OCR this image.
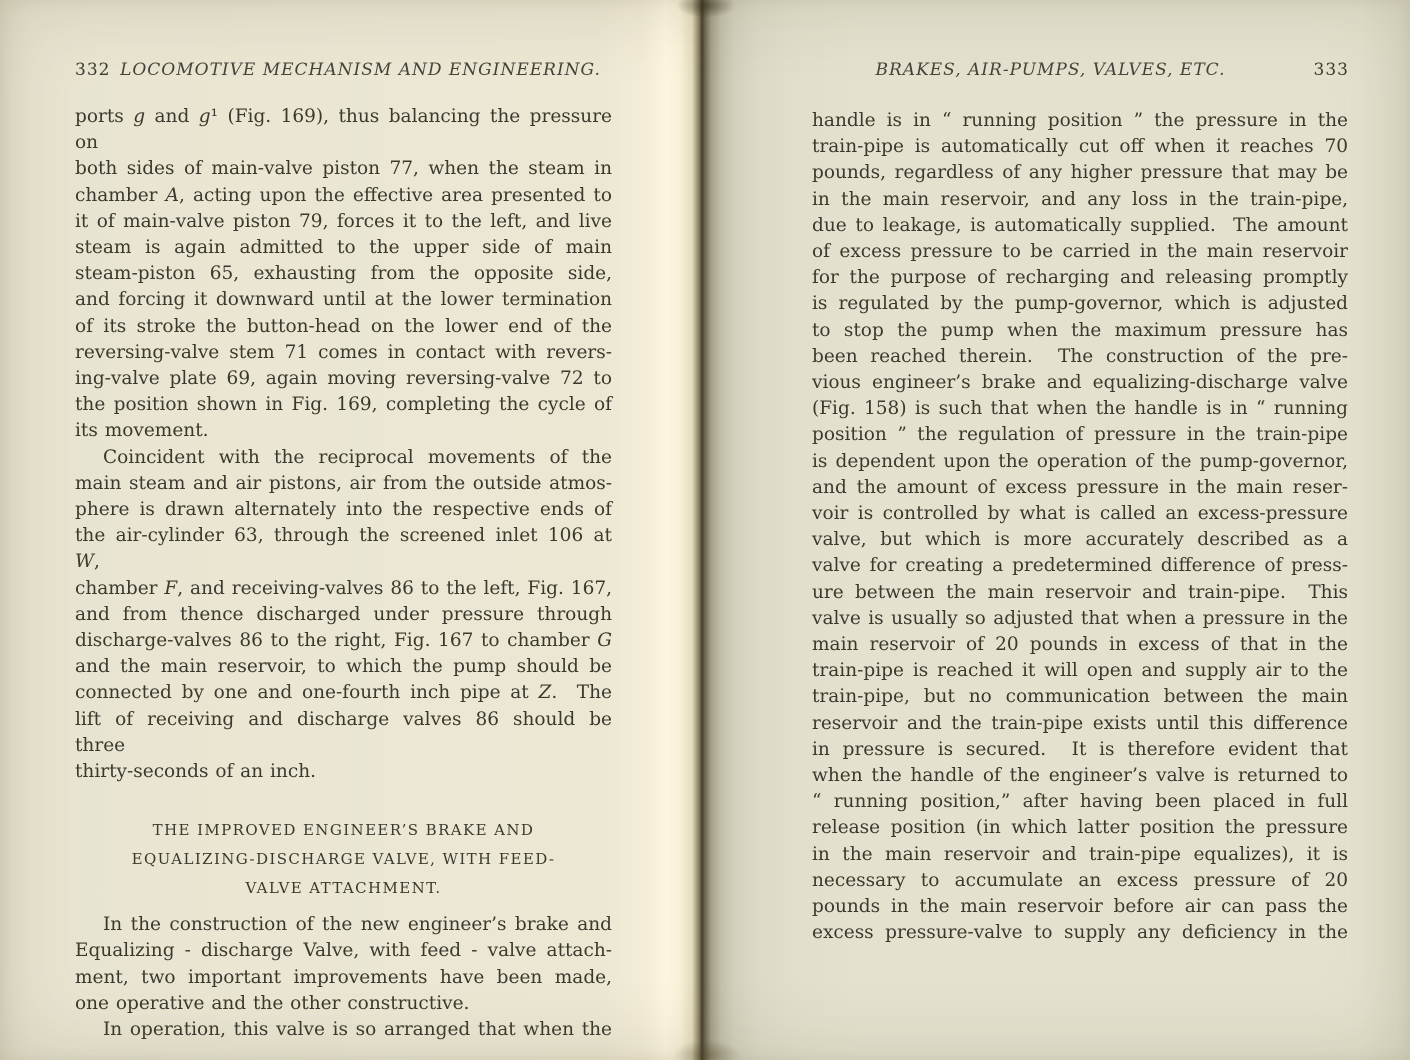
332 LOCOMOTIVE MECHANISM AND ENGINEERING.
ports g and g¹ (Fig. 169), thus balancing the pressure on
both sides of main-valve piston 77, when the steam in
chamber A, acting upon the effective area presented to
it of main-valve piston 79, forces it to the left, and live
steam is again admitted to the upper side of main
steam-piston 65, exhausting from the opposite side,
and forcing it downward until at the lower termination
of its stroke the button-head on the lower end of the
reversing-valve stem 71 comes in contact with revers-
ing-valve plate 69, again moving reversing-valve 72 to
the position shown in Fig. 169, completing the cycle of
its movement.
Coincident with the reciprocal movements of the
main steam and air pistons, air from the outside atmos-
phere is drawn alternately into the respective ends of
the air-cylinder 63, through the screened inlet 106 at W,
chamber F, and receiving-valves 86 to the left, Fig. 167,
and from thence discharged under pressure through
discharge-valves 86 to the right, Fig. 167 to chamber G
and the main reservoir, to which the pump should be
connected by one and one-fourth inch pipe at Z.  The
lift of receiving and discharge valves 86 should be three
thirty-seconds of an inch.
THE IMPROVED ENGINEER’S BRAKE AND
EQUALIZING-DISCHARGE VALVE, WITH FEED-
VALVE ATTACHMENT.
In the construction of the new engineer’s brake and
Equalizing - discharge Valve, with feed - valve attach-
ment, two important improvements have been made,
one operative and the other constructive.
In operation, this valve is so arranged that when the
BRAKES, AIR-PUMPS, VALVES, ETC.	333
handle is in “ running position ” the pressure in the
train-pipe is automatically cut off when it reaches 70
pounds, regardless of any higher pressure that may be
in the main reservoir, and any loss in the train-pipe,
due to leakage, is automatically supplied.  The amount
of excess pressure to be carried in the main reservoir
for the purpose of recharging and releasing promptly
is regulated by the pump-governor, which is adjusted
to stop the pump when the maximum pressure has
been reached therein.  The construction of the pre-
vious engineer’s brake and equalizing-discharge valve
(Fig. 158) is such that when the handle is in “ running
position ” the regulation of pressure in the train-pipe
is dependent upon the operation of the pump-governor,
and the amount of excess pressure in the main reser-
voir is controlled by what is called an excess-pressure
valve, but which is more accurately described as a
valve for creating a predetermined difference of press-
ure between the main reservoir and train-pipe.  This
valve is usually so adjusted that when a pressure in the
main reservoir of 20 pounds in excess of that in the
train-pipe is reached it will open and supply air to the
train-pipe, but no communication between the main
reservoir and the train-pipe exists until this difference
in pressure is secured.  It is therefore evident that
when the handle of the engineer’s valve is returned to
“ running position,” after having been placed in full
release position (in which latter position the pressure
in the main reservoir and train-pipe equalizes), it is
necessary to accumulate an excess pressure of 20
pounds in the main reservoir before air can pass the
excess pressure-valve to supply any deficiency in the
